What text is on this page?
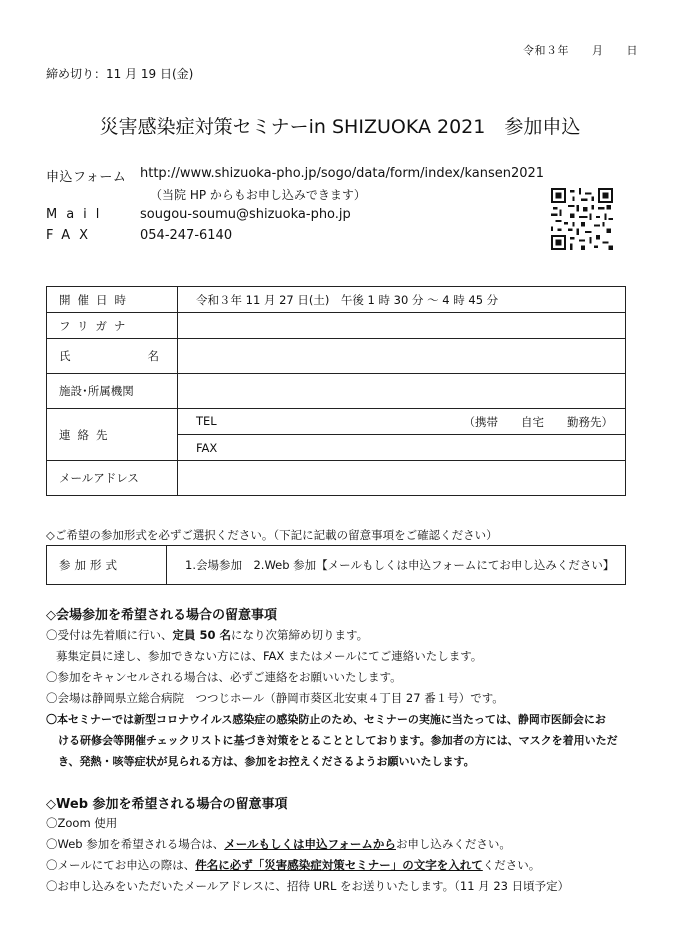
令和３年　　月　　日
締め切り：11 月 19 日(金)
災害感染症対策セミナーin SHIZUOKA 2021　参加申込
申込フォーム http://www.shizuoka-pho.jp/sogo/data/form/index/kansen2021
（当院 HP からもお申し込みできます）
Mail sougou-soumu@shizuoka-pho.jp
FAX	054-247-6140
開催日時	令和３年 11 月 27 日(土)　午後 1 時 30 分 ～ 4 時 45 分
フリガナ	

氏 名	

施設･所属機関	
連絡先	TEL （携帯　　自宅　　勤務先）

	FAX
メールアドレス	
◇ご希望の参加形式を必ずご選択ください。（下記に記載の留意事項をご確認ください）
参加形式	1.会場参加　2.Web 参加【メールもしくは申込フォームにてお申し込みください】
◇会場参加を希望される場合の留意事項
〇受付は先着順に行い、定員 50 名になり次第締め切ります。
募集定員に達し、参加できない方には、FAX またはメールにてご連絡いたします。
〇参加をキャンセルされる場合は、必ずご連絡をお願いいたします。
〇会場は静岡県立総合病院　つつじホール（静岡市葵区北安東４丁目 27 番１号）です。
〇本セミナーでは新型コロナウイルス感染症の感染防止のため、セミナーの実施に当たっては、静岡市医師会にお
ける研修会等開催チェックリストに基づき対策をとることとしております。参加者の方には、マスクを着用いただ
き、発熱・咳等症状が見られる方は、参加をお控えくださるようお願いいたします。
◇Web 参加を希望される場合の留意事項
〇Zoom 使用
〇Web 参加を希望される場合は、メールもしくは申込フォームからお申し込みください。
〇メールにてお申込の際は、件名に必ず「災害感染症対策セミナー」の文字を入れてください。
〇お申し込みをいただいたメールアドレスに、招待 URL をお送りいたします。（11 月 23 日頃予定）
